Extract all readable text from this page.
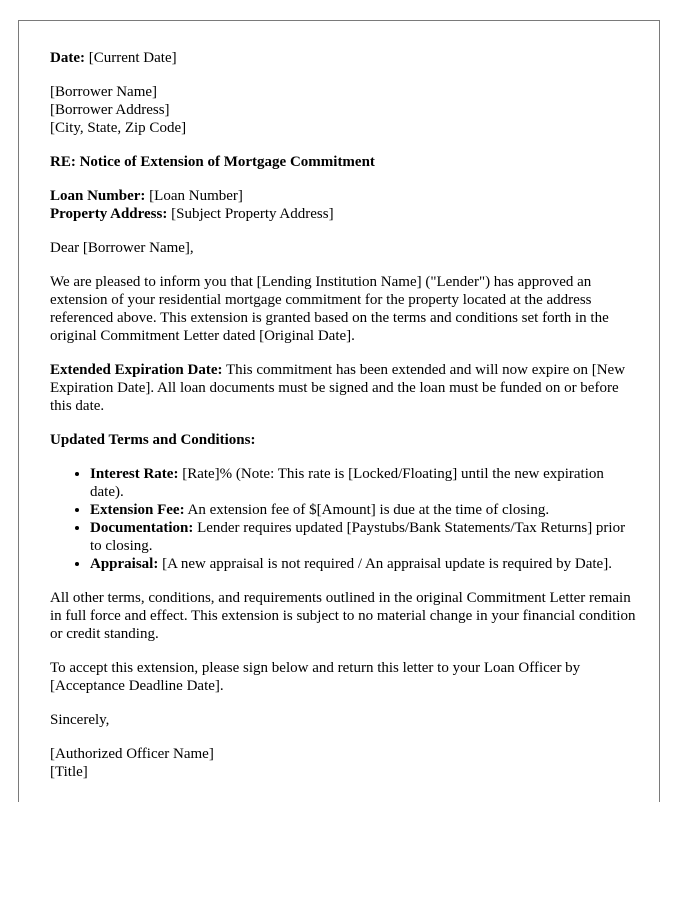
Date: [Current Date]

[Borrower Name]
[Borrower Address]
[City, State, Zip Code]

RE: Notice of Extension of Mortgage Commitment

Loan Number: [Loan Number]
Property Address: [Subject Property Address]

Dear [Borrower Name],

We are pleased to inform you that [Lending Institution Name] ("Lender") has approved an extension of your residential mortgage commitment for the property located at the address referenced above. This extension is granted based on the terms and conditions set forth in the original Commitment Letter dated [Original Date].

Extended Expiration Date: This commitment has been extended and will now expire on [New Expiration Date]. All loan documents must be signed and the loan must be funded on or before this date.

Updated Terms and Conditions:

• Interest Rate: [Rate]% (Note: This rate is [Locked/Floating] until the new expiration date).
• Extension Fee: An extension fee of $[Amount] is due at the time of closing.
• Documentation: Lender requires updated [Paystubs/Bank Statements/Tax Returns] prior to closing.
• Appraisal: [A new appraisal is not required / An appraisal update is required by Date].

All other terms, conditions, and requirements outlined in the original Commitment Letter remain in full force and effect. This extension is subject to no material change in your financial condition or credit standing.

To accept this extension, please sign below and return this letter to your Loan Officer by [Acceptance Deadline Date].

Sincerely,

[Authorized Officer Name]
[Title]
